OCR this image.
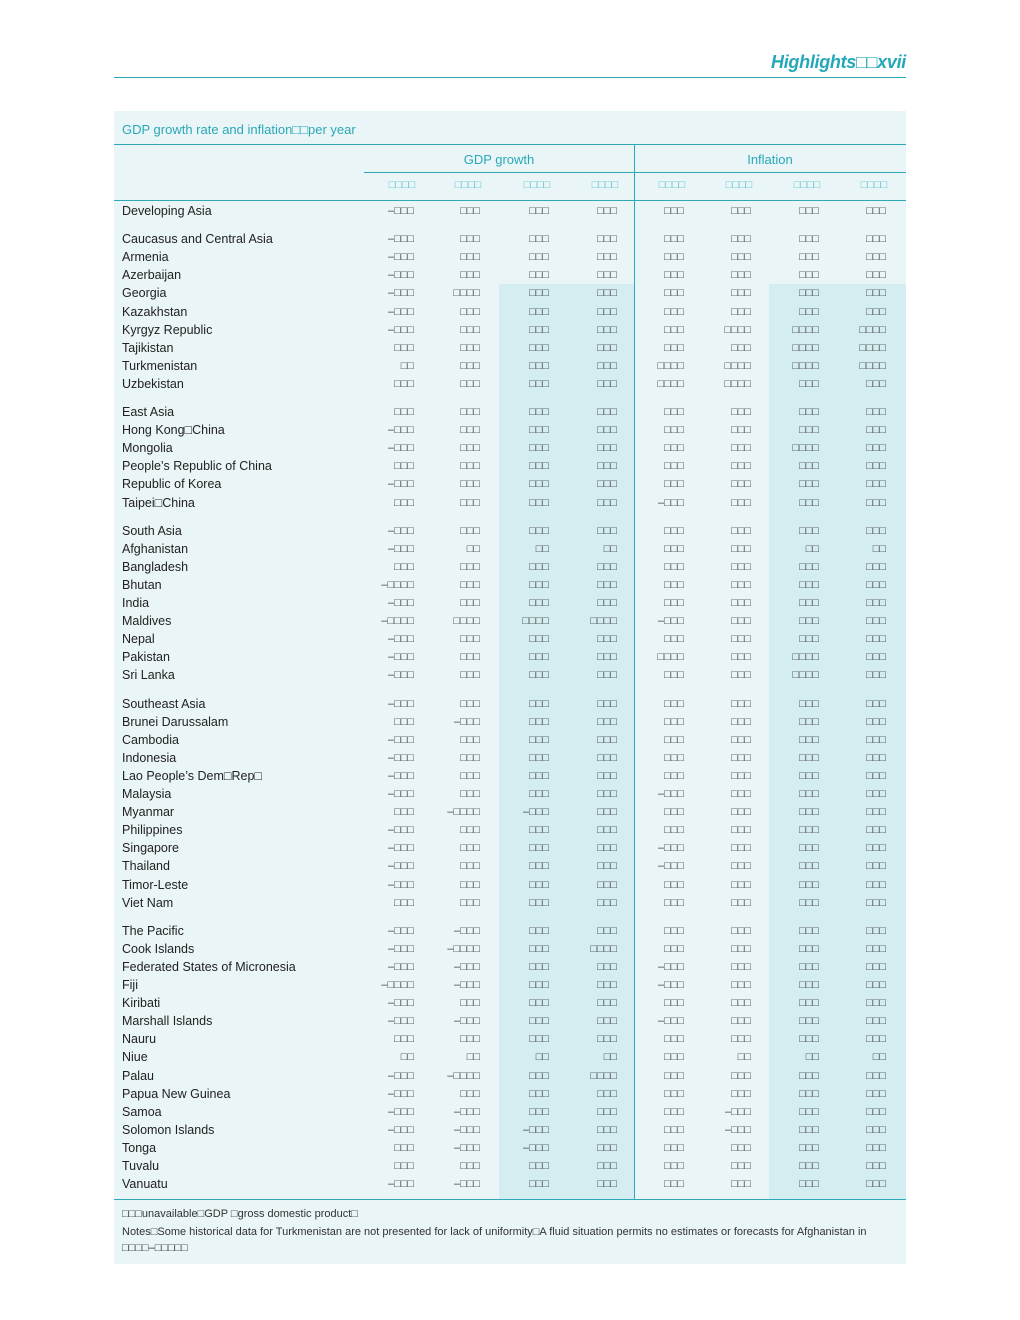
Highlights□□xvii
GDP growth rate and inflation□□per year
GDP growth	Inflation
□□□□	□□□□	□□□□	□□□□	□□□□	□□□□	□□□□	□□□□
Developing Asia	–□□□	□□□	□□□	□□□	□□□	□□□	□□□	□□□
Caucasus and Central Asia	–□□□	□□□	□□□	□□□	□□□	□□□	□□□	□□□
Armenia	–□□□	□□□	□□□	□□□	□□□	□□□	□□□	□□□
Azerbaijan	–□□□	□□□	□□□	□□□	□□□	□□□	□□□	□□□
Georgia	–□□□	□□□□	□□□	□□□	□□□	□□□	□□□	□□□
Kazakhstan	–□□□	□□□	□□□	□□□	□□□	□□□	□□□	□□□
Kyrgyz Republic	–□□□	□□□	□□□	□□□	□□□	□□□□	□□□□	□□□□
Tajikistan	□□□	□□□	□□□	□□□	□□□	□□□	□□□□	□□□□
Turkmenistan	□□	□□□	□□□	□□□	□□□□	□□□□	□□□□	□□□□
Uzbekistan	□□□	□□□	□□□	□□□	□□□□	□□□□	□□□	□□□
East Asia	□□□	□□□	□□□	□□□	□□□	□□□	□□□	□□□
Hong Kong□China	–□□□	□□□	□□□	□□□	□□□	□□□	□□□	□□□
Mongolia	–□□□	□□□	□□□	□□□	□□□	□□□	□□□□	□□□
People’s Republic of China	□□□	□□□	□□□	□□□	□□□	□□□	□□□	□□□
Republic of Korea	–□□□	□□□	□□□	□□□	□□□	□□□	□□□	□□□
Taipei□China	□□□	□□□	□□□	□□□	–□□□	□□□	□□□	□□□
South Asia	–□□□	□□□	□□□	□□□	□□□	□□□	□□□	□□□
Afghanistan	–□□□	□□	□□	□□	□□□	□□□	□□	□□
Bangladesh	□□□	□□□	□□□	□□□	□□□	□□□	□□□	□□□
Bhutan	–□□□□	□□□	□□□	□□□	□□□	□□□	□□□	□□□
India	–□□□	□□□	□□□	□□□	□□□	□□□	□□□	□□□
Maldives	–□□□□	□□□□	□□□□	□□□□	–□□□	□□□	□□□	□□□
Nepal	–□□□	□□□	□□□	□□□	□□□	□□□	□□□	□□□
Pakistan	–□□□	□□□	□□□	□□□	□□□□	□□□	□□□□	□□□
Sri Lanka	–□□□	□□□	□□□	□□□	□□□	□□□	□□□□	□□□
Southeast Asia	–□□□	□□□	□□□	□□□	□□□	□□□	□□□	□□□
Brunei Darussalam	□□□	–□□□	□□□	□□□	□□□	□□□	□□□	□□□
Cambodia	–□□□	□□□	□□□	□□□	□□□	□□□	□□□	□□□
Indonesia	–□□□	□□□	□□□	□□□	□□□	□□□	□□□	□□□
Lao People’s Dem□Rep□	–□□□	□□□	□□□	□□□	□□□	□□□	□□□	□□□
Malaysia	–□□□	□□□	□□□	□□□	–□□□	□□□	□□□	□□□
Myanmar	□□□	–□□□□	–□□□	□□□	□□□	□□□	□□□	□□□
Philippines	–□□□	□□□	□□□	□□□	□□□	□□□	□□□	□□□
Singapore	–□□□	□□□	□□□	□□□	–□□□	□□□	□□□	□□□
Thailand	–□□□	□□□	□□□	□□□	–□□□	□□□	□□□	□□□
Timor-Leste	–□□□	□□□	□□□	□□□	□□□	□□□	□□□	□□□
Viet Nam	□□□	□□□	□□□	□□□	□□□	□□□	□□□	□□□
The Pacific	–□□□	–□□□	□□□	□□□	□□□	□□□	□□□	□□□
Cook Islands	–□□□	–□□□□	□□□	□□□□	□□□	□□□	□□□	□□□
Federated States of Micronesia	–□□□	–□□□	□□□	□□□	–□□□	□□□	□□□	□□□
Fiji	–□□□□	–□□□	□□□	□□□	–□□□	□□□	□□□	□□□
Kiribati	–□□□	□□□	□□□	□□□	□□□	□□□	□□□	□□□
Marshall Islands	–□□□	–□□□	□□□	□□□	–□□□	□□□	□□□	□□□
Nauru	□□□	□□□	□□□	□□□	□□□	□□□	□□□	□□□
Niue	□□	□□	□□	□□	□□□	□□	□□	□□
Palau	–□□□	–□□□□	□□□	□□□□	□□□	□□□	□□□	□□□
Papua New Guinea	–□□□	□□□	□□□	□□□	□□□	□□□	□□□	□□□
Samoa	–□□□	–□□□	□□□	□□□	□□□	–□□□	□□□	□□□
Solomon Islands	–□□□	–□□□	–□□□	□□□	□□□	–□□□	□□□	□□□
Tonga	□□□	–□□□	–□□□	□□□	□□□	□□□	□□□	□□□
Tuvalu	□□□	□□□	□□□	□□□	□□□	□□□	□□□	□□□
Vanuatu	–□□□	–□□□	□□□	□□□	□□□	□□□	□□□	□□□
□□□unavailable□GDP □gross domestic product□
Notes□Some historical data for Turkmenistan are not presented for lack of uniformity□A fluid situation permits no estimates or forecasts for Afghanistan in □□□□–□□□□□
